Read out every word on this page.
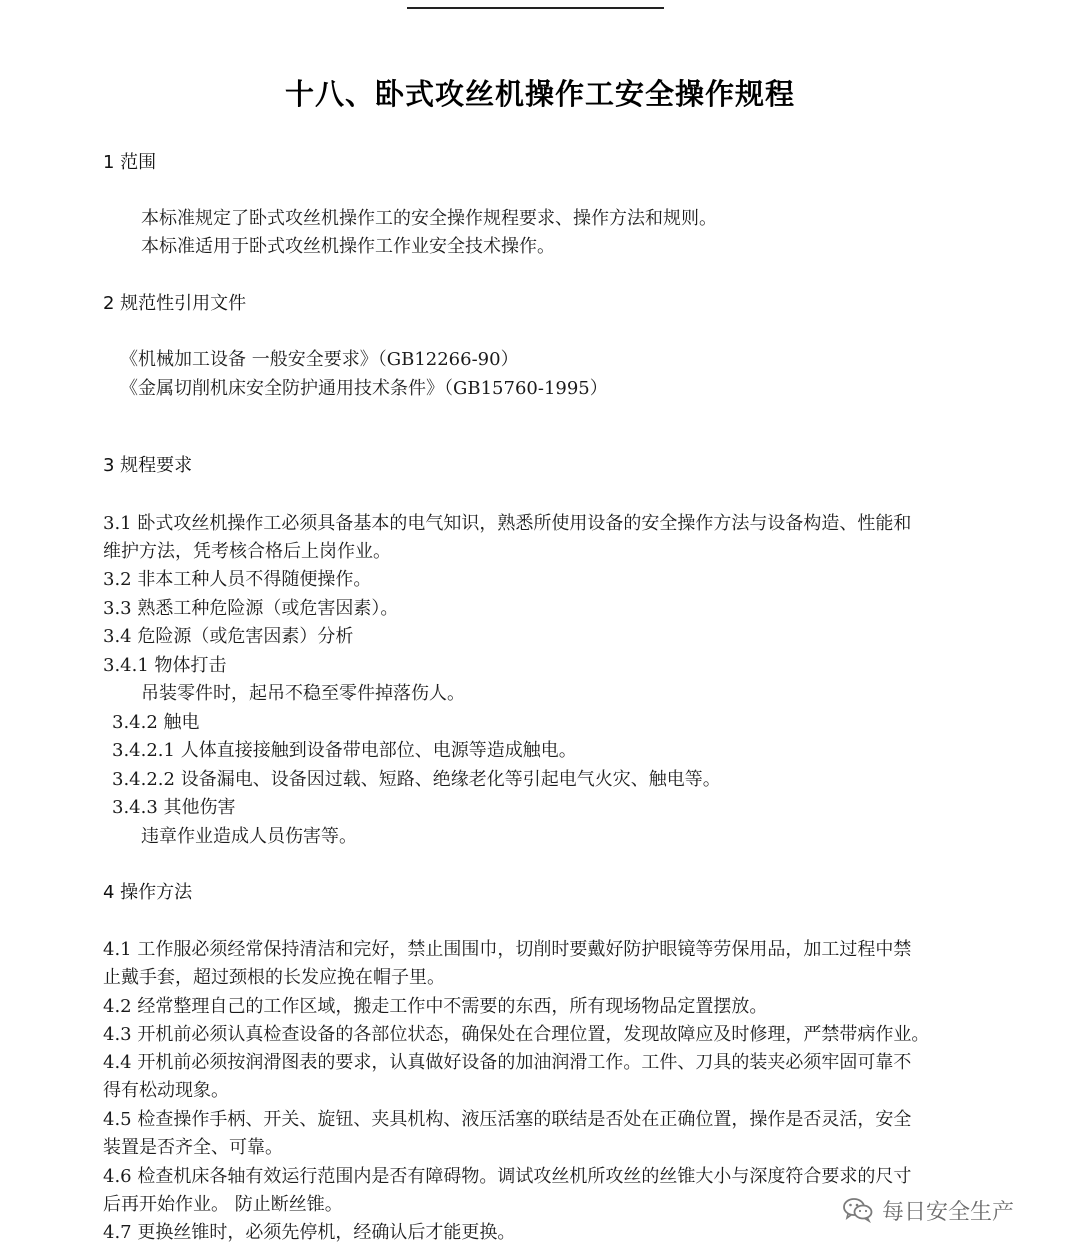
十八、卧式攻丝机操作工安全操作规程
1 范围
本标准规定了卧式攻丝机操作工的安全操作规程要求、操作方法和规则。
本标准适用于卧式攻丝机操作工作业安全技术操作。
2 规范性引用文件
《机械加工设备 一般安全要求》（GB12266-90）
《金属切削机床安全防护通用技术条件》（GB15760-1995）
3 规程要求
3.1 卧式攻丝机操作工必须具备基本的电气知识，熟悉所使用设备的安全操作方法与设备构造、性能和
维护方法，凭考核合格后上岗作业。
3.2 非本工种人员不得随便操作。
3.3 熟悉工种危险源（或危害因素）。
3.4 危险源（或危害因素）分析
3.4.1 物体打击
吊装零件时，起吊不稳至零件掉落伤人。
3.4.2 触电
3.4.2.1 人体直接接触到设备带电部位、电源等造成触电。
3.4.2.2 设备漏电、设备因过载、短路、绝缘老化等引起电气火灾、触电等。
3.4.3 其他伤害
违章作业造成人员伤害等。
4 操作方法
4.1 工作服必须经常保持清洁和完好，禁止围围巾，切削时要戴好防护眼镜等劳保用品，加工过程中禁
止戴手套，超过颈根的长发应挽在帽子里。
4.2 经常整理自己的工作区域，搬走工作中不需要的东西，所有现场物品定置摆放。
4.3 开机前必须认真检查设备的各部位状态，确保处在合理位置，发现故障应及时修理，严禁带病作业。
4.4 开机前必须按润滑图表的要求，认真做好设备的加油润滑工作。工件、刀具的装夹必须牢固可靠不
得有松动现象。
4.5 检查操作手柄、开关、旋钮、夹具机构、液压活塞的联结是否处在正确位置，操作是否灵活，安全
装置是否齐全、可靠。
4.6 检查机床各轴有效运行范围内是否有障碍物。调试攻丝机所攻丝的丝锥大小与深度符合要求的尺寸
后再开始作业。 防止断丝锥。
4.7 更换丝锥时，必须先停机，经确认后才能更换。
每日安全生产
